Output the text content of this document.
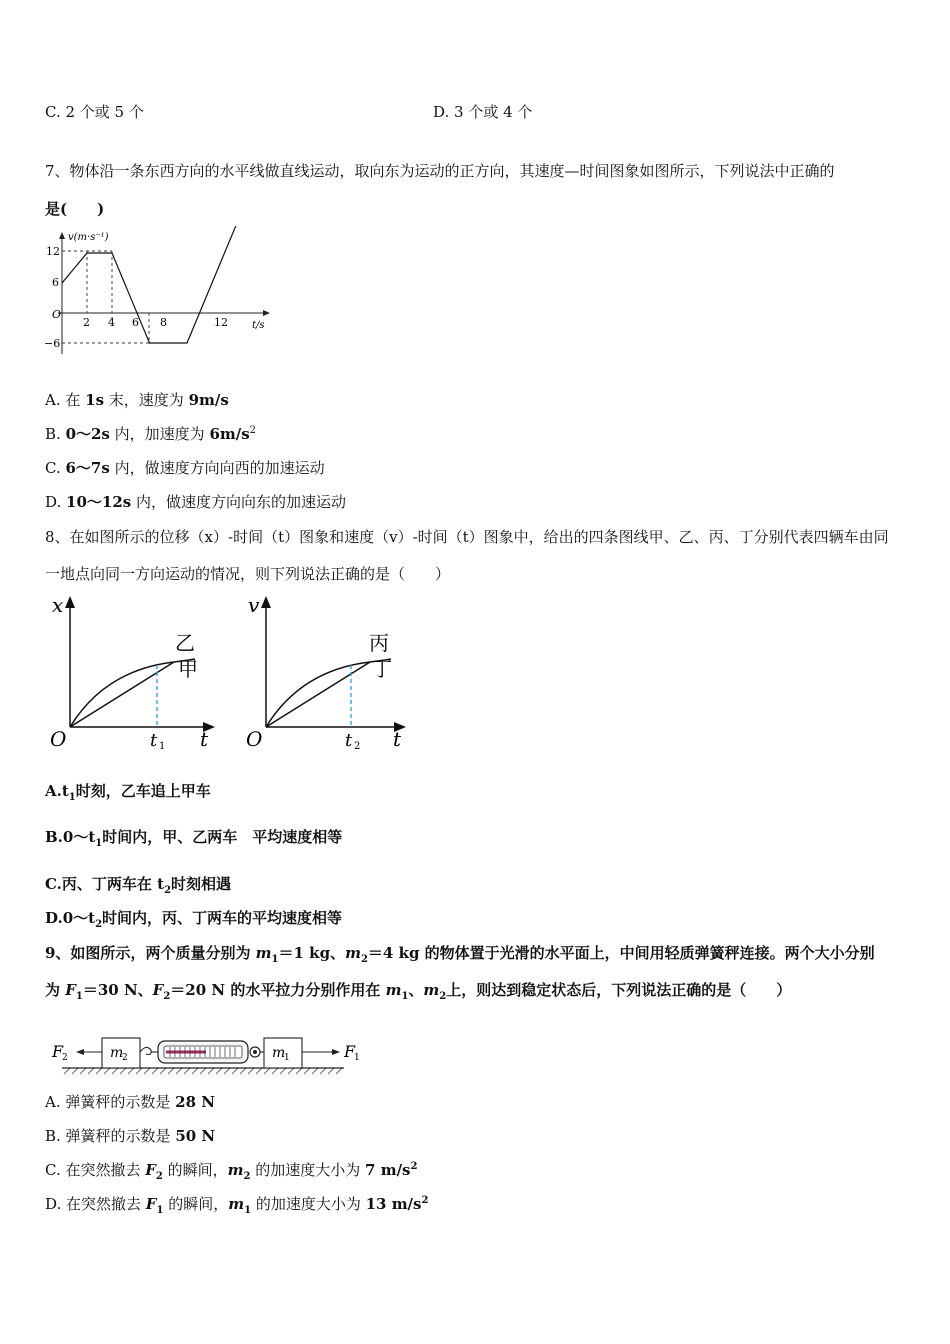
C. 2 个或 5 个	D. 3 个或 4 个
7、物体沿一条东西方向的水平线做直线运动，取向东为运动的正方向，其速度—时间图象如图所示，下列说法中正确的
是(　　)
v(m·s⁻¹)
t/s
O
12
6
−6
2 4 6 8	12
A. 在 1s 末，速度为 9m/s
B. 0～2s 内，加速度为 $6m/s^2$
C. 6～7s 内，做速度方向向西的加速运动
D. 10～12s 内，做速度方向向东的加速运动
8、在如图所示的位移（x）-时间（t）图象和速度（v）-时间（t）图象中，给出的四条图线甲、乙、丙、丁分别代表四辆车由同
一地点向同一方向运动的情况，则下列说法正确的是（　　）
x
O	t
t 1
乙
甲
v
O	t
t 2
丙
丁
$A.t_1$时刻，乙车追上甲车
$B.0\sim t_1$时间内，甲、乙两车　平均速度相等
C.丙、丁两车在 $t_2$时刻相遇
$D.0\sim t_2$时间内，丙、丁两车的平均速度相等
9、如图所示，两个质量分别为 $m_1=1$ kg、$m_2=4$ kg 的物体置于光滑的水平面上，中间用轻质弹簧秤连接。两个大小分别
为 $F_1=30$ N、$F_2=20$ N 的水平拉力分别作用在 $m_1$、$m_2$上，则达到稳定状态后，下列说法正确的是（　　）
F
2	m
2	m
1	F
1
A. 弹簧秤的示数是 28 N
B. 弹簧秤的示数是 50 N
C. 在突然撤去 $F_2$ 的瞬间，$m_2$ 的加速度大小为 7 $m/s^2$
D. 在突然撤去 $F_1$ 的瞬间，$m_1$ 的加速度大小为 13 $m/s^2$
